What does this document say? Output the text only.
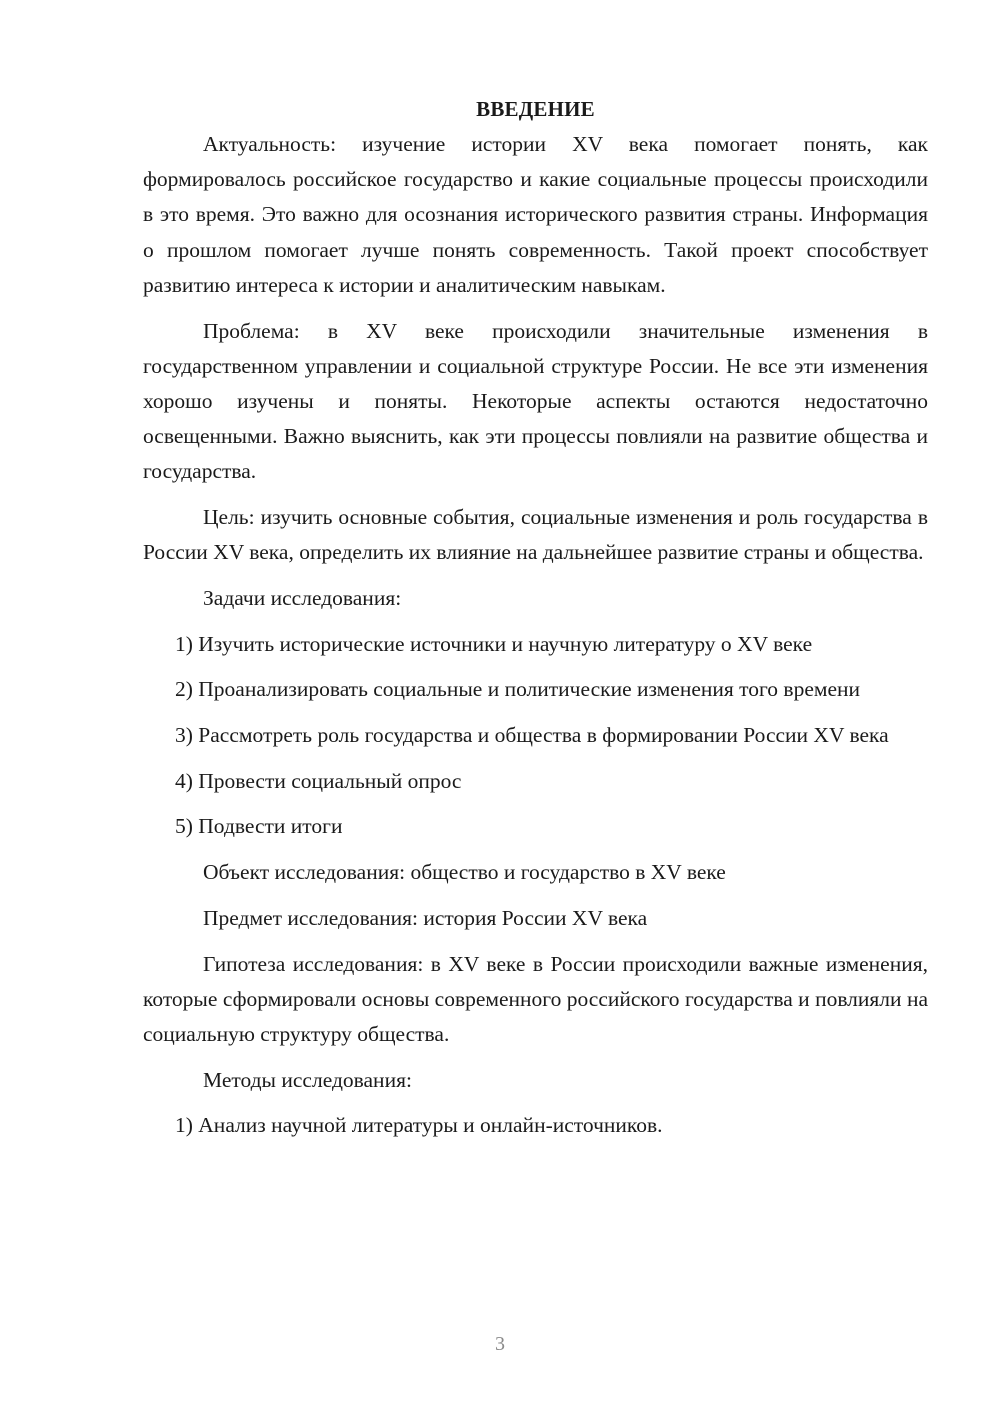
ВВЕДЕНИЕ

Актуальность: изучение истории XV века помогает понять, как формировалось российское государство и какие социальные процессы происходили в это время. Это важно для осознания исторического развития страны. Информация о прошлом помогает лучше понять современность. Такой проект способствует развитию интереса к истории и аналитическим навыкам.

Проблема: в XV веке происходили значительные изменения в государственном управлении и социальной структуре России. Не все эти изменения хорошо изучены и поняты. Некоторые аспекты остаются недостаточно освещенными. Важно выяснить, как эти процессы повлияли на развитие общества и государства.

Цель: изучить основные события, социальные изменения и роль государства в России XV века, определить их влияние на дальнейшее развитие страны и общества.

Задачи исследования:

1) Изучить исторические источники и научную литературу о XV веке

2) Проанализировать социальные и политические изменения того времени

3) Рассмотреть роль государства и общества в формировании России XV века

4) Провести социальный опрос

5) Подвести итоги

Объект исследования: общество и государство в XV веке

Предмет исследования: история России XV века

Гипотеза исследования: в XV веке в России происходили важные изменения, которые сформировали основы современного российского государства и повлияли на социальную структуру общества.

Методы исследования:

1) Анализ научной литературы и онлайн-источников.

3
